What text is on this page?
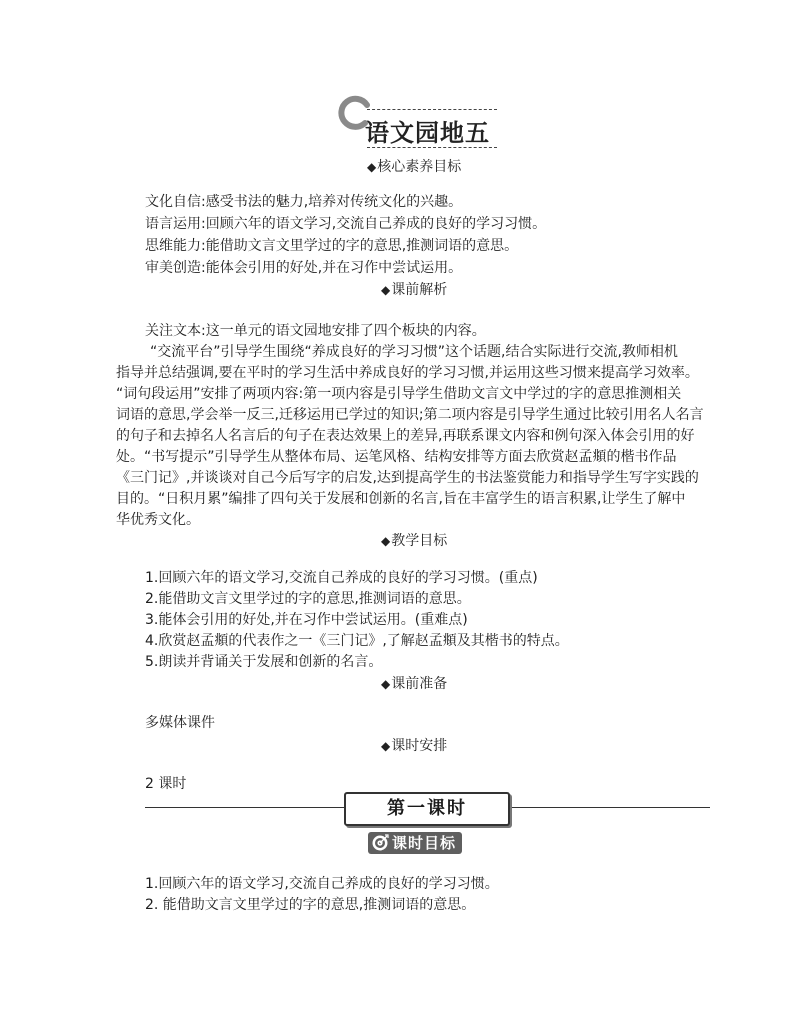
语文园地五
◆核心素养目标
文化自信:感受书法的魅力,培养对传统文化的兴趣。
语言运用:回顾六年的语文学习,交流自己养成的良好的学习习惯。
思维能力:能借助文言文里学过的字的意思,推测词语的意思。
审美创造:能体会引用的好处,并在习作中尝试运用。
◆课前解析
关注文本:这一单元的语文园地安排了四个板块的内容。
“交流平台”引导学生围绕“养成良好的学习习惯”这个话题,结合实际进行交流,教师相机
指导并总结强调,要在平时的学习生活中养成良好的学习习惯,并运用这些习惯来提高学习效率。
“词句段运用”安排了两项内容:第一项内容是引导学生借助文言文中学过的字的意思推测相关
词语的意思,学会举一反三,迁移运用已学过的知识;第二项内容是引导学生通过比较引用名人名言
的句子和去掉名人名言后的句子在表达效果上的差异,再联系课文内容和例句深入体会引用的好
处。“书写提示”引导学生从整体布局、运笔风格、结构安排等方面去欣赏赵孟頫的楷书作品
《三门记》,并谈谈对自己今后写字的启发,达到提高学生的书法鉴赏能力和指导学生写字实践的
目的。“日积月累”编排了四句关于发展和创新的名言,旨在丰富学生的语言积累,让学生了解中
华优秀文化。
◆教学目标
1.回顾六年的语文学习,交流自己养成的良好的学习习惯。(重点)
2.能借助文言文里学过的字的意思,推测词语的意思。
3.能体会引用的好处,并在习作中尝试运用。(重难点)
4.欣赏赵孟頫的代表作之一《三门记》,了解赵孟頫及其楷书的特点。
5.朗读并背诵关于发展和创新的名言。
◆课前准备
多媒体课件
◆课时安排
2 课时
第一课时
课时目标
1.回顾六年的语文学习,交流自己养成的良好的学习习惯。
2. 能借助文言文里学过的字的意思,推测词语的意思。
